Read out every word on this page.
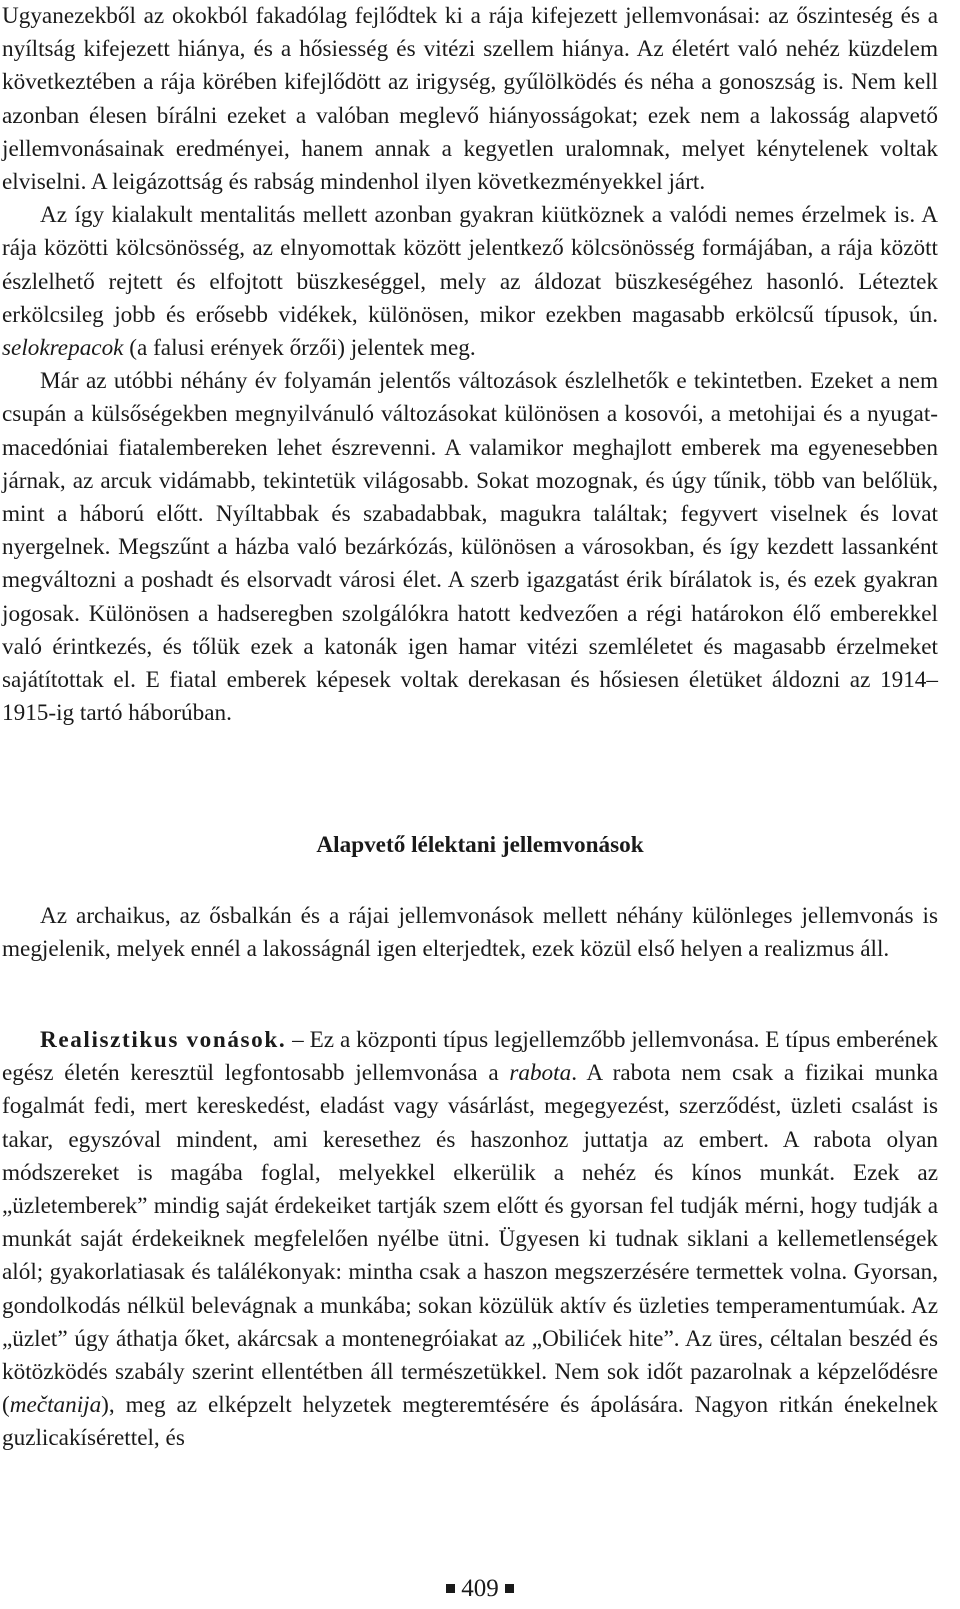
Ugyanezekből az okokból fakadólag fejlődtek ki a rája kifejezett jellemvonásai: az őszinteség és a nyíltság kifejezett hiánya, és a hősiesség és vitézi szellem hiánya. Az életért való nehéz küzdelem következtében a rája körében kifejlődött az irigység, gyűlölködés és néha a gonoszság is. Nem kell azonban élesen bírálni ezeket a valóban meglevő hiányosságokat; ezek nem a lakosság alapvető jellemvonásainak eredményei, hanem annak a kegyetlen uralomnak, melyet kénytelenek voltak elviselni. A leigázottság és rabság mindenhol ilyen következményekkel járt.

Az így kialakult mentalitás mellett azonban gyakran kiütköznek a valódi nemes érzelmek is. A rája közötti kölcsönösség, az elnyomottak között jelentkező kölcsönösség formájában, a rája között észlelhető rejtett és elfojtott büszkeséggel, mely az áldozat büszkeségéhez hasonló. Léteztek erkölcsileg jobb és erősebb vidékek, különösen, mikor ezekben magasabb erkölcsű típusok, ún. selokrepacok (a falusi erények őrzői) jelentek meg.

Már az utóbbi néhány év folyamán jelentős változások észlelhetők e tekintetben. Ezeket a nem csupán a külsőségekben megnyilvánuló változásokat különösen a kosovói, a metohijai és a nyugat-macedóniai fiatalembereken lehet észrevenni. A valamikor meghajlott emberek ma egyenesebben járnak, az arcuk vidámabb, tekintetük világosabb. Sokat mozognak, és úgy tűnik, több van belőlük, mint a háború előtt. Nyíltabbak és szabadabbak, magukra találtak; fegyvert viselnek és lovat nyergelnek. Megszűnt a házba való bezárkózás, különösen a városokban, és így kezdett lassanként megváltozni a poshadt és elsorvadt városi élet. A szerb igazgatást érik bírálatok is, és ezek gyakran jogosak. Különösen a hadseregben szolgálókra hatott kedvezően a régi határokon élő emberekkel való érintkezés, és tőlük ezek a katonák igen hamar vitézi szemléletet és magasabb érzelmeket sajátítottak el. E fiatal emberek képesek voltak derekasan és hősiesen életüket áldozni az 1914–1915-ig tartó háborúban.

Alapvető lélektani jellemvonások

Az archaikus, az ősbalkán és a rájai jellemvonások mellett néhány különleges jellemvonás is megjelenik, melyek ennél a lakosságnál igen elterjedtek, ezek közül első helyen a realizmus áll.

Realisztikus vonások. – Ez a központi típus legjellemzőbb jellemvonása. E típus emberének egész életén keresztül legfontosabb jellemvonása a rabota. A rabota nem csak a fizikai munka fogalmát fedi, mert kereskedést, eladást vagy vásárlást, megegyezést, szerződést, üzleti csalást is takar, egyszóval mindent, ami keresethez és haszonhoz juttatja az embert. A rabota olyan módszereket is magába foglal, melyekkel elkerülik a nehéz és kínos munkát. Ezek az „üzletemberek” mindig saját érdekeiket tartják szem előtt és gyorsan fel tudják mérni, hogy tudják a munkát saját érdekeiknek megfelelően nyélbe ütni. Ügyesen ki tudnak siklani a kellemetlenségek alól; gyakorlatiasak és találékonyak: mintha csak a haszon megszerzésére termettek volna. Gyorsan, gondolkodás nélkül belevágnak a munkába; sokan közülük aktív és üzleties temperamentumúak. Az „üzlet” úgy áthatja őket, akárcsak a montenegróiakat az „Obilićek hite”. Az üres, céltalan beszéd és kötözködés szabály szerint ellentétben áll természetükkel. Nem sok időt pazarolnak a képzelődésre (mečtanija), meg az elképzelt helyzetek megteremtésére és ápolására. Nagyon ritkán énekelnek guzlicakísérettel, és

409
